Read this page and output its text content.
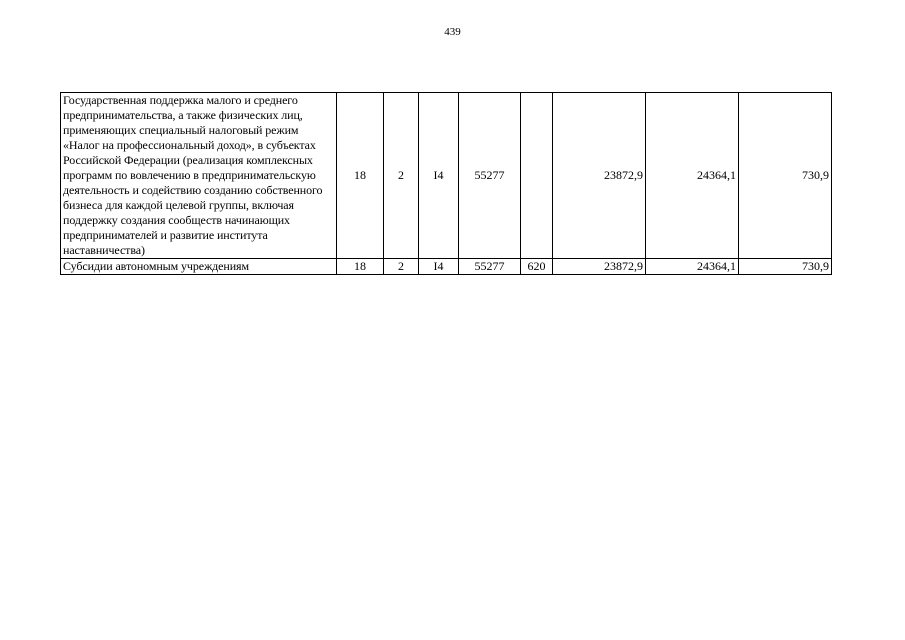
439
Государственная поддержка малого и среднего предпринимательства, а также физических лиц, применяющих специальный налоговый режим «Налог на профессиональный доход», в субъектах Российской Федерации (реализация комплексных программ по вовлечению в предпринимательскую деятельность и содействию созданию собственного бизнеса для каждой целевой группы, включая поддержку создания сообществ начинающих предпринимателей и развитие института наставничества)	18	2	I4	55277		23872,9	24364,1	730,9
Субсидии автономным учреждениям	18	2	I4	55277	620	23872,9	24364,1	730,9
